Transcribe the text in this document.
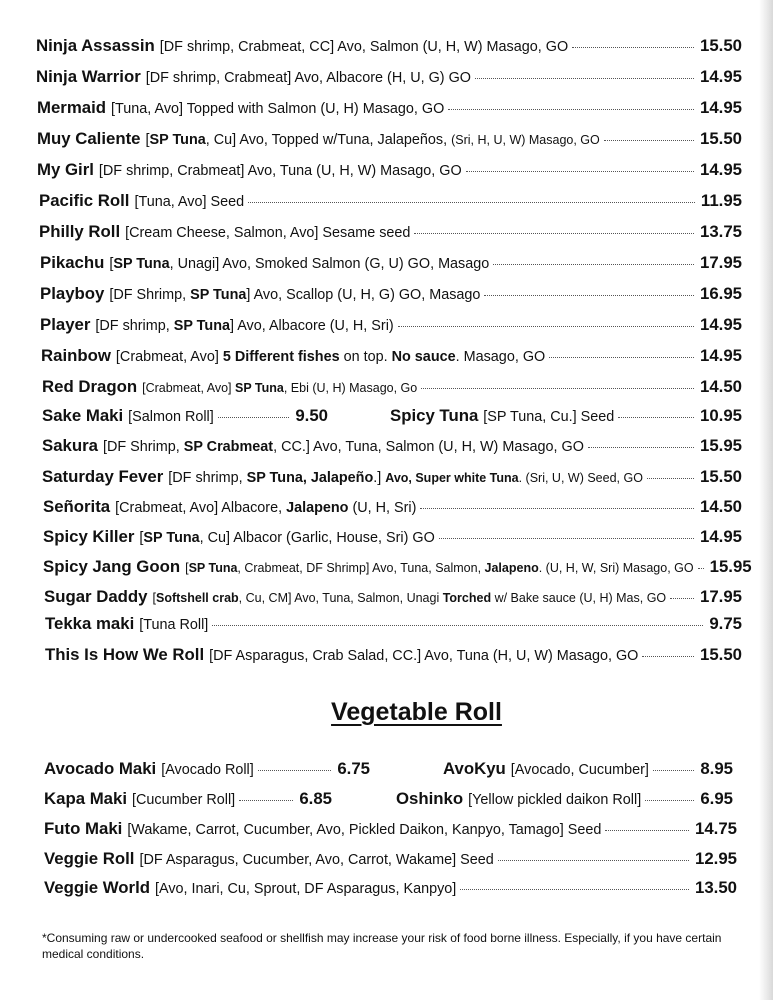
Ninja Assassin [DF shrimp, Crabmeat, CC] Avo, Salmon (U, H, W) Masago, GO	15.50
Ninja Warrior [DF shrimp, Crabmeat] Avo, Albacore (H, U, G) GO	14.95
Mermaid [Tuna, Avo] Topped with Salmon (U, H) Masago, GO	14.95
Muy Caliente [SP Tuna, Cu] Avo, Topped w/Tuna, Jalapeños, (Sri, H, U, W) Masago, GO	15.50
My Girl [DF shrimp, Crabmeat] Avo, Tuna (U, H, W) Masago, GO	14.95
Pacific Roll [Tuna, Avo] Seed	11.95
Philly Roll [Cream Cheese, Salmon, Avo] Sesame seed	13.75
Pikachu [SP Tuna, Unagi] Avo, Smoked Salmon (G, U) GO, Masago	17.95
Playboy [DF Shrimp, SP Tuna] Avo, Scallop (U, H, G) GO, Masago	16.95
Player [DF shrimp, SP Tuna] Avo, Albacore (U, H, Sri)	14.95
Rainbow [Crabmeat, Avo] 5 Different fishes on top. No sauce. Masago, GO	14.95
Red Dragon [Crabmeat, Avo] SP Tuna, Ebi (U, H) Masago, Go	14.50
Sakura [DF Shrimp, SP Crabmeat, CC.] Avo, Tuna, Salmon (U, H, W) Masago, GO	15.95
Saturday Fever [DF shrimp, SP Tuna, Jalapeño.] Avo, Super white Tuna. (Sri, U, W) Seed, GO	15.50
Señorita [Crabmeat, Avo] Albacore, Jalapeno (U, H, Sri)	14.50
Spicy Killer [SP Tuna, Cu] Albacor (Garlic, House, Sri) GO	14.95
Spicy Jang Goon [SP Tuna, Crabmeat, DF Shrimp] Avo, Tuna, Salmon, Jalapeno. (U, H, W, Sri) Masago, GO 15.95
Sugar Daddy [Softshell crab, Cu, CM] Avo, Tuna, Salmon, Unagi Torched w/ Bake sauce (U, H) Mas, GO 17.95
Tekka maki [Tuna Roll]	9.75
This Is How We Roll [DF Asparagus, Crab Salad, CC.] Avo, Tuna (H, U, W) Masago, GO	15.50
Sake Maki [Salmon Roll]	9.50	Spicy Tuna [SP Tuna, Cu.] Seed	10.95
Vegetable Roll
Avocado Maki [Avocado Roll]	6.75	AvoKyu [Avocado, Cucumber]	8.95
Kapa Maki [Cucumber Roll]	6.85	Oshinko [Yellow pickled daikon Roll]	6.95
Futo Maki [Wakame, Carrot, Cucumber, Avo, Pickled Daikon, Kanpyo, Tamago] Seed	14.75
Veggie Roll [DF Asparagus, Cucumber, Avo, Carrot, Wakame] Seed	12.95
Veggie World [Avo, Inari, Cu, Sprout, DF Asparagus, Kanpyo]	13.50
*Consuming raw or undercooked seafood or shellfish may increase your risk of food borne illness. Especially, if you have certain medical conditions.
